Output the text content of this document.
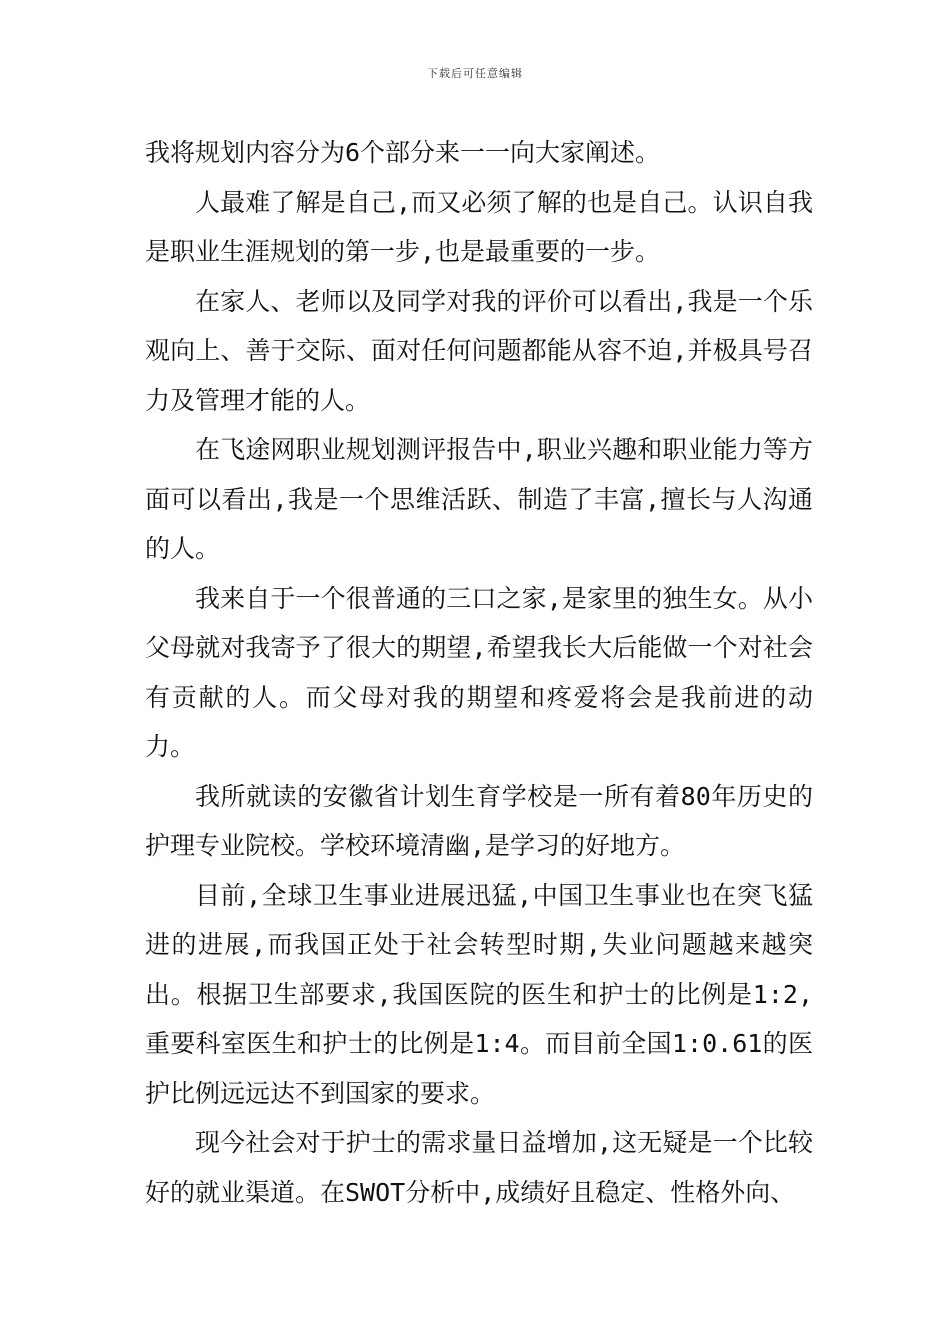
下载后可任意编辑

我将规划内容分为6个部分来一一向大家阐述。

人最难了解是自己,而又必须了解的也是自己。认识自我是职业生涯规划的第一步,也是最重要的一步。

在家人、老师以及同学对我的评价可以看出,我是一个乐观向上、善于交际、面对任何问题都能从容不迫,并极具号召力及管理才能的人。

在飞途网职业规划测评报告中,职业兴趣和职业能力等方面可以看出,我是一个思维活跃、制造了丰富,擅长与人沟通的人。

我来自于一个很普通的三口之家,是家里的独生女。从小父母就对我寄予了很大的期望,希望我长大后能做一个对社会有贡献的人。而父母对我的期望和疼爱将会是我前进的动力。

我所就读的安徽省计划生育学校是一所有着80年历史的护理专业院校。学校环境清幽,是学习的好地方。

目前,全球卫生事业进展迅猛,中国卫生事业也在突飞猛进的进展,而我国正处于社会转型时期,失业问题越来越突出。根据卫生部要求,我国医院的医生和护士的比例是1:2,重要科室医生和护士的比例是1:4。而目前全国1:0.61的医护比例远远达不到国家的要求。

现今社会对于护士的需求量日益增加,这无疑是一个比较好的就业渠道。在SWOT分析中,成绩好且稳定、性格外向、
